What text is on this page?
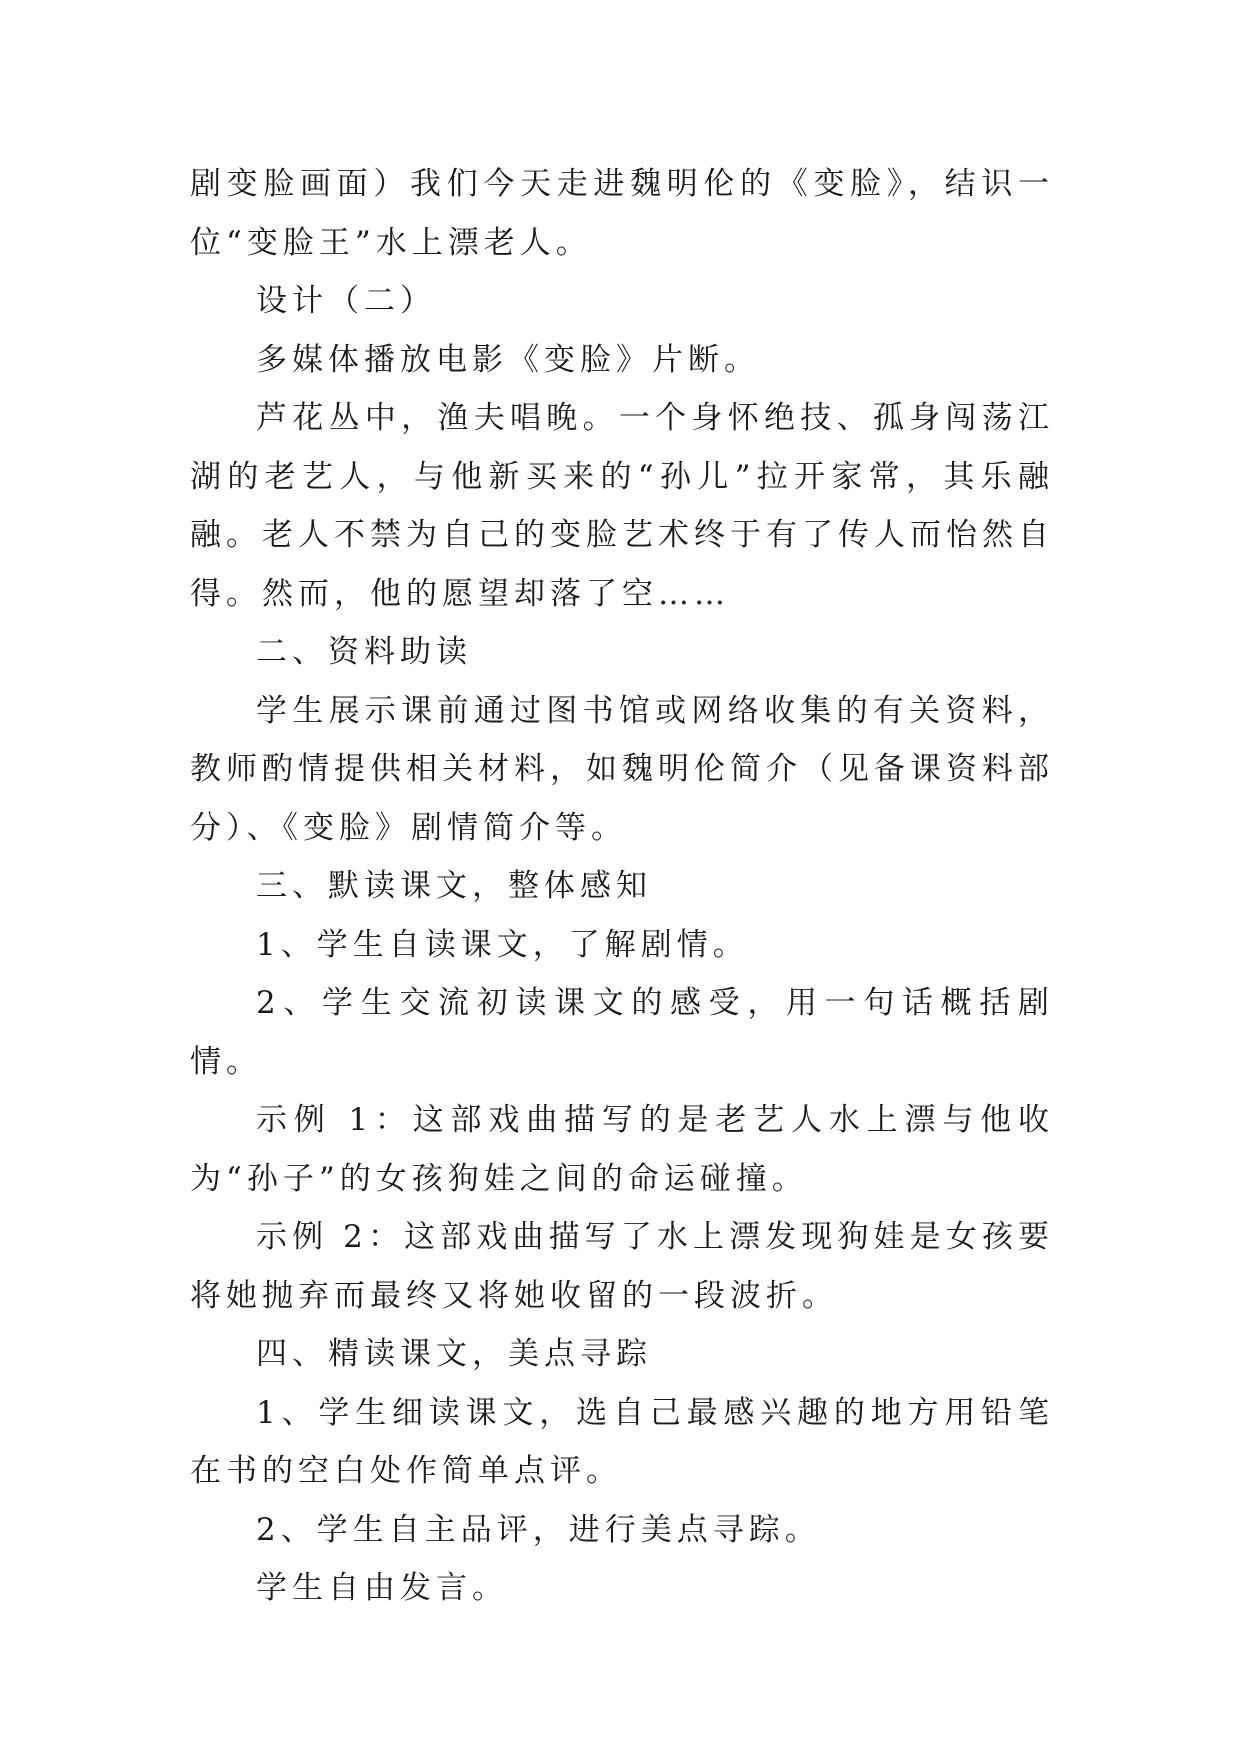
剧变脸画面）我们今天走进魏明伦的《变脸》，结识一位“变脸王”水上漂老人。

设计（二）

多媒体播放电影《变脸》片断。

芦花丛中，渔夫唱晚。一个身怀绝技、孤身闯荡江湖的老艺人，与他新买来的“孙儿”拉开家常，其乐融融。老人不禁为自己的变脸艺术终于有了传人而怡然自得。然而，他的愿望却落了空……

二、资料助读

学生展示课前通过图书馆或网络收集的有关资料，教师酌情提供相关材料，如魏明伦简介（见备课资料部分）、《变脸》剧情简介等。

三、默读课文，整体感知

1、学生自读课文，了解剧情。

2、学生交流初读课文的感受，用一句话概括剧情。

示例 1：这部戏曲描写的是老艺人水上漂与他收为“孙子”的女孩狗娃之间的命运碰撞。

示例 2：这部戏曲描写了水上漂发现狗娃是女孩要将她抛弃而最终又将她收留的一段波折。

四、精读课文，美点寻踪

1、学生细读课文，选自己最感兴趣的地方用铅笔在书的空白处作简单点评。

2、学生自主品评，进行美点寻踪。

学生自由发言。
